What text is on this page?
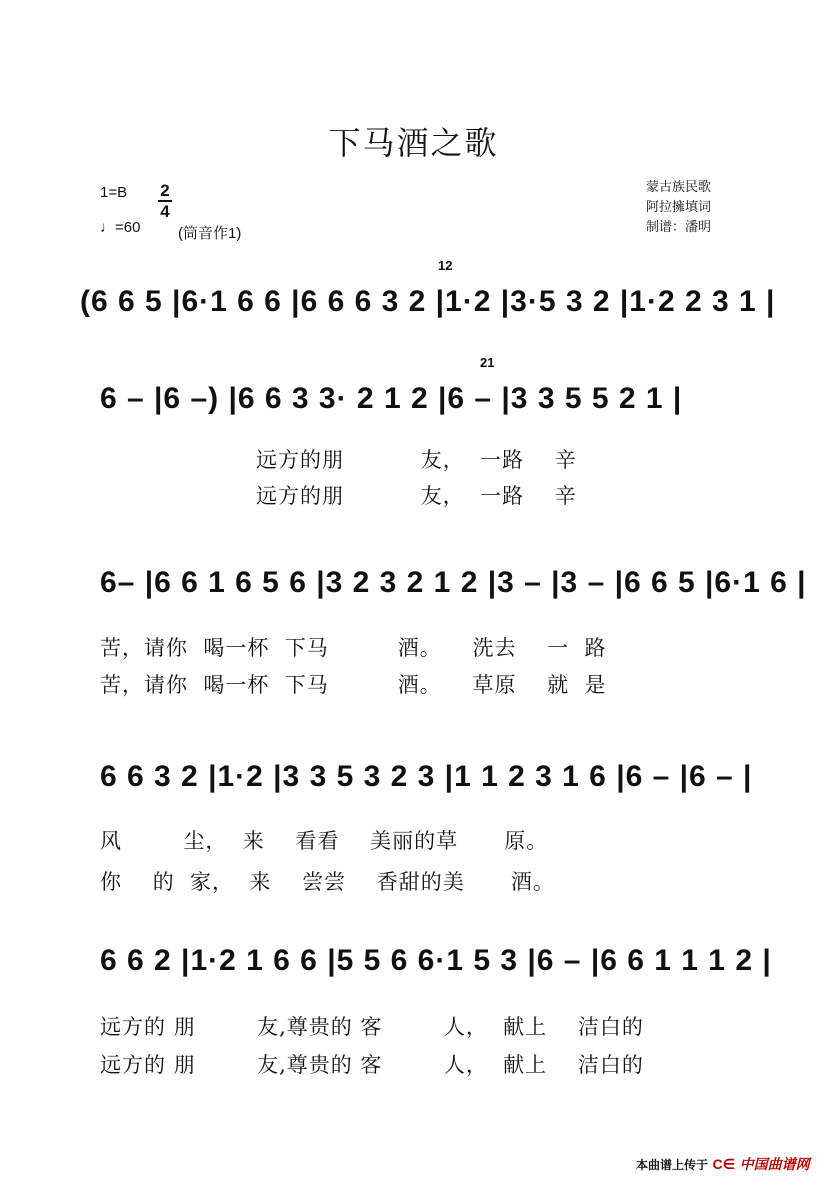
下马酒之歌
1=B 2
4
♩=60	(筒音作1)
蒙古族民歌
阿拉擁填词
制谱：潘明
12
(6 6 5 |6·1 6 6 |6 6 6 3 2 |1·2 |3·5 3 2 |1·2 2 3 1 |
21
6 – |6 –) |6 6 3 3· 2 1 2 |6 – |3 3 5 5 2 1 |
远方的朋          友，  一路    辛
远方的朋          友，  一路    辛
6– |6 6 1 6 5 6 |3 2 3 2 1 2 |3 – |3 – |6 6 5 |6·1 6 |
苦，请你  喝一杯  下马         酒。    洗去    一  路
苦，请你  喝一杯  下马         酒。    草原    就  是
6 6 3 2 |1·2 |3 3 5 3 2 3 |1 1 2 3 1 6 |6 – |6 – |
风        尘，  来    看看    美丽的草      原。
你    的  家，  来    尝尝    香甜的美      酒。
6 6 2 |1·2 1 6 6 |5 5 6 6·1 5 3 |6 – |6 6 1 1 1 2 |
远方的 朋        友,尊贵的 客        人，  献上    洁白的
远方的 朋        友,尊贵的 客        人，  献上    洁白的
本曲谱上传于 C∈ 中国曲谱网
